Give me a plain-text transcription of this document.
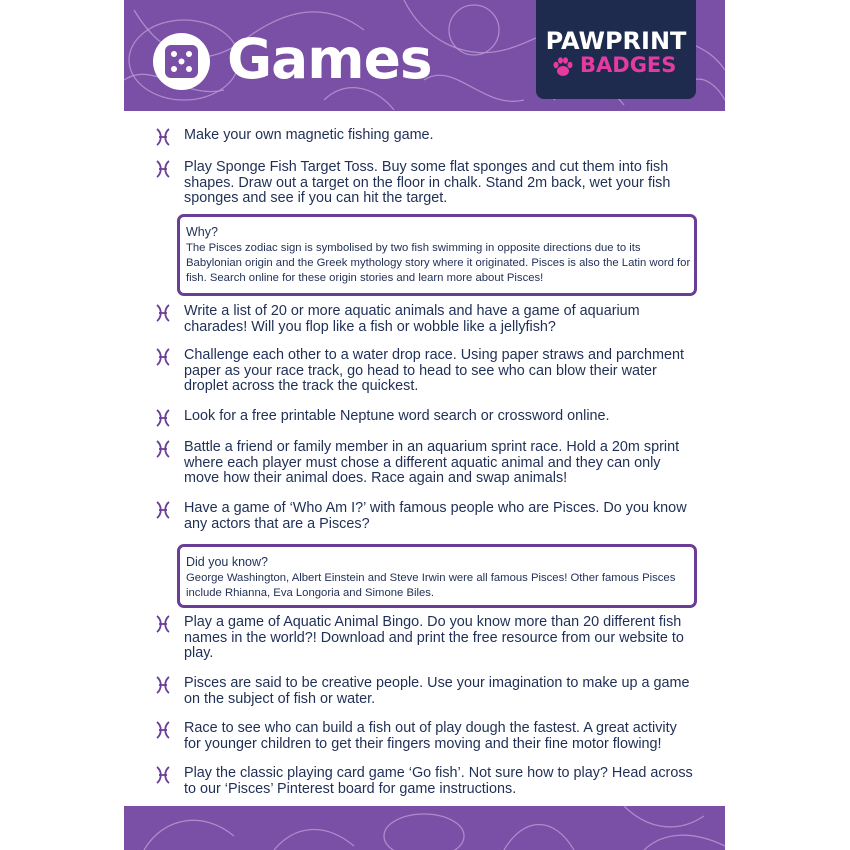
Games	PAWPRINT
BADGES

Make your own magnetic fishing game.

Play Sponge Fish Target Toss. Buy some flat sponges and cut them into fish shapes. Draw out a target on the floor in chalk. Stand 2m back, wet your fish sponges and see if you can hit the target.

Why?
The Pisces zodiac sign is symbolised by two fish swimming in opposite directions due to its Babylonian origin and the Greek mythology story where it originated. Pisces is also the Latin word for fish. Search online for these origin stories and learn more about Pisces!

Write a list of 20 or more aquatic animals and have a game of aquarium charades! Will you flop like a fish or wobble like a jellyfish?

Challenge each other to a water drop race. Using paper straws and parchment paper as your race track, go head to head to see who can blow their water droplet across the track the quickest.

Look for a free printable Neptune word search or crossword online.

Battle a friend or family member in an aquarium sprint race. Hold a 20m sprint where each player must chose a different aquatic animal and they can only move how their animal does. Race again and swap animals!

Have a game of ‘Who Am I?’ with famous people who are Pisces. Do you know any actors that are a Pisces?

Did you know?
George Washington, Albert Einstein and Steve Irwin were all famous Pisces! Other famous Pisces include Rhianna, Eva Longoria and Simone Biles.

Play a game of Aquatic Animal Bingo. Do you know more than 20 different fish names in the world?! Download and print the free resource from our website to play.

Pisces are said to be creative people. Use your imagination to make up a game on the subject of fish or water.

Race to see who can build a fish out of play dough the fastest. A great activity for younger children to get their fingers moving and their fine motor flowing!

Play the classic playing card game ‘Go fish’. Not sure how to play? Head across to our ‘Pisces’ Pinterest board for game instructions.
